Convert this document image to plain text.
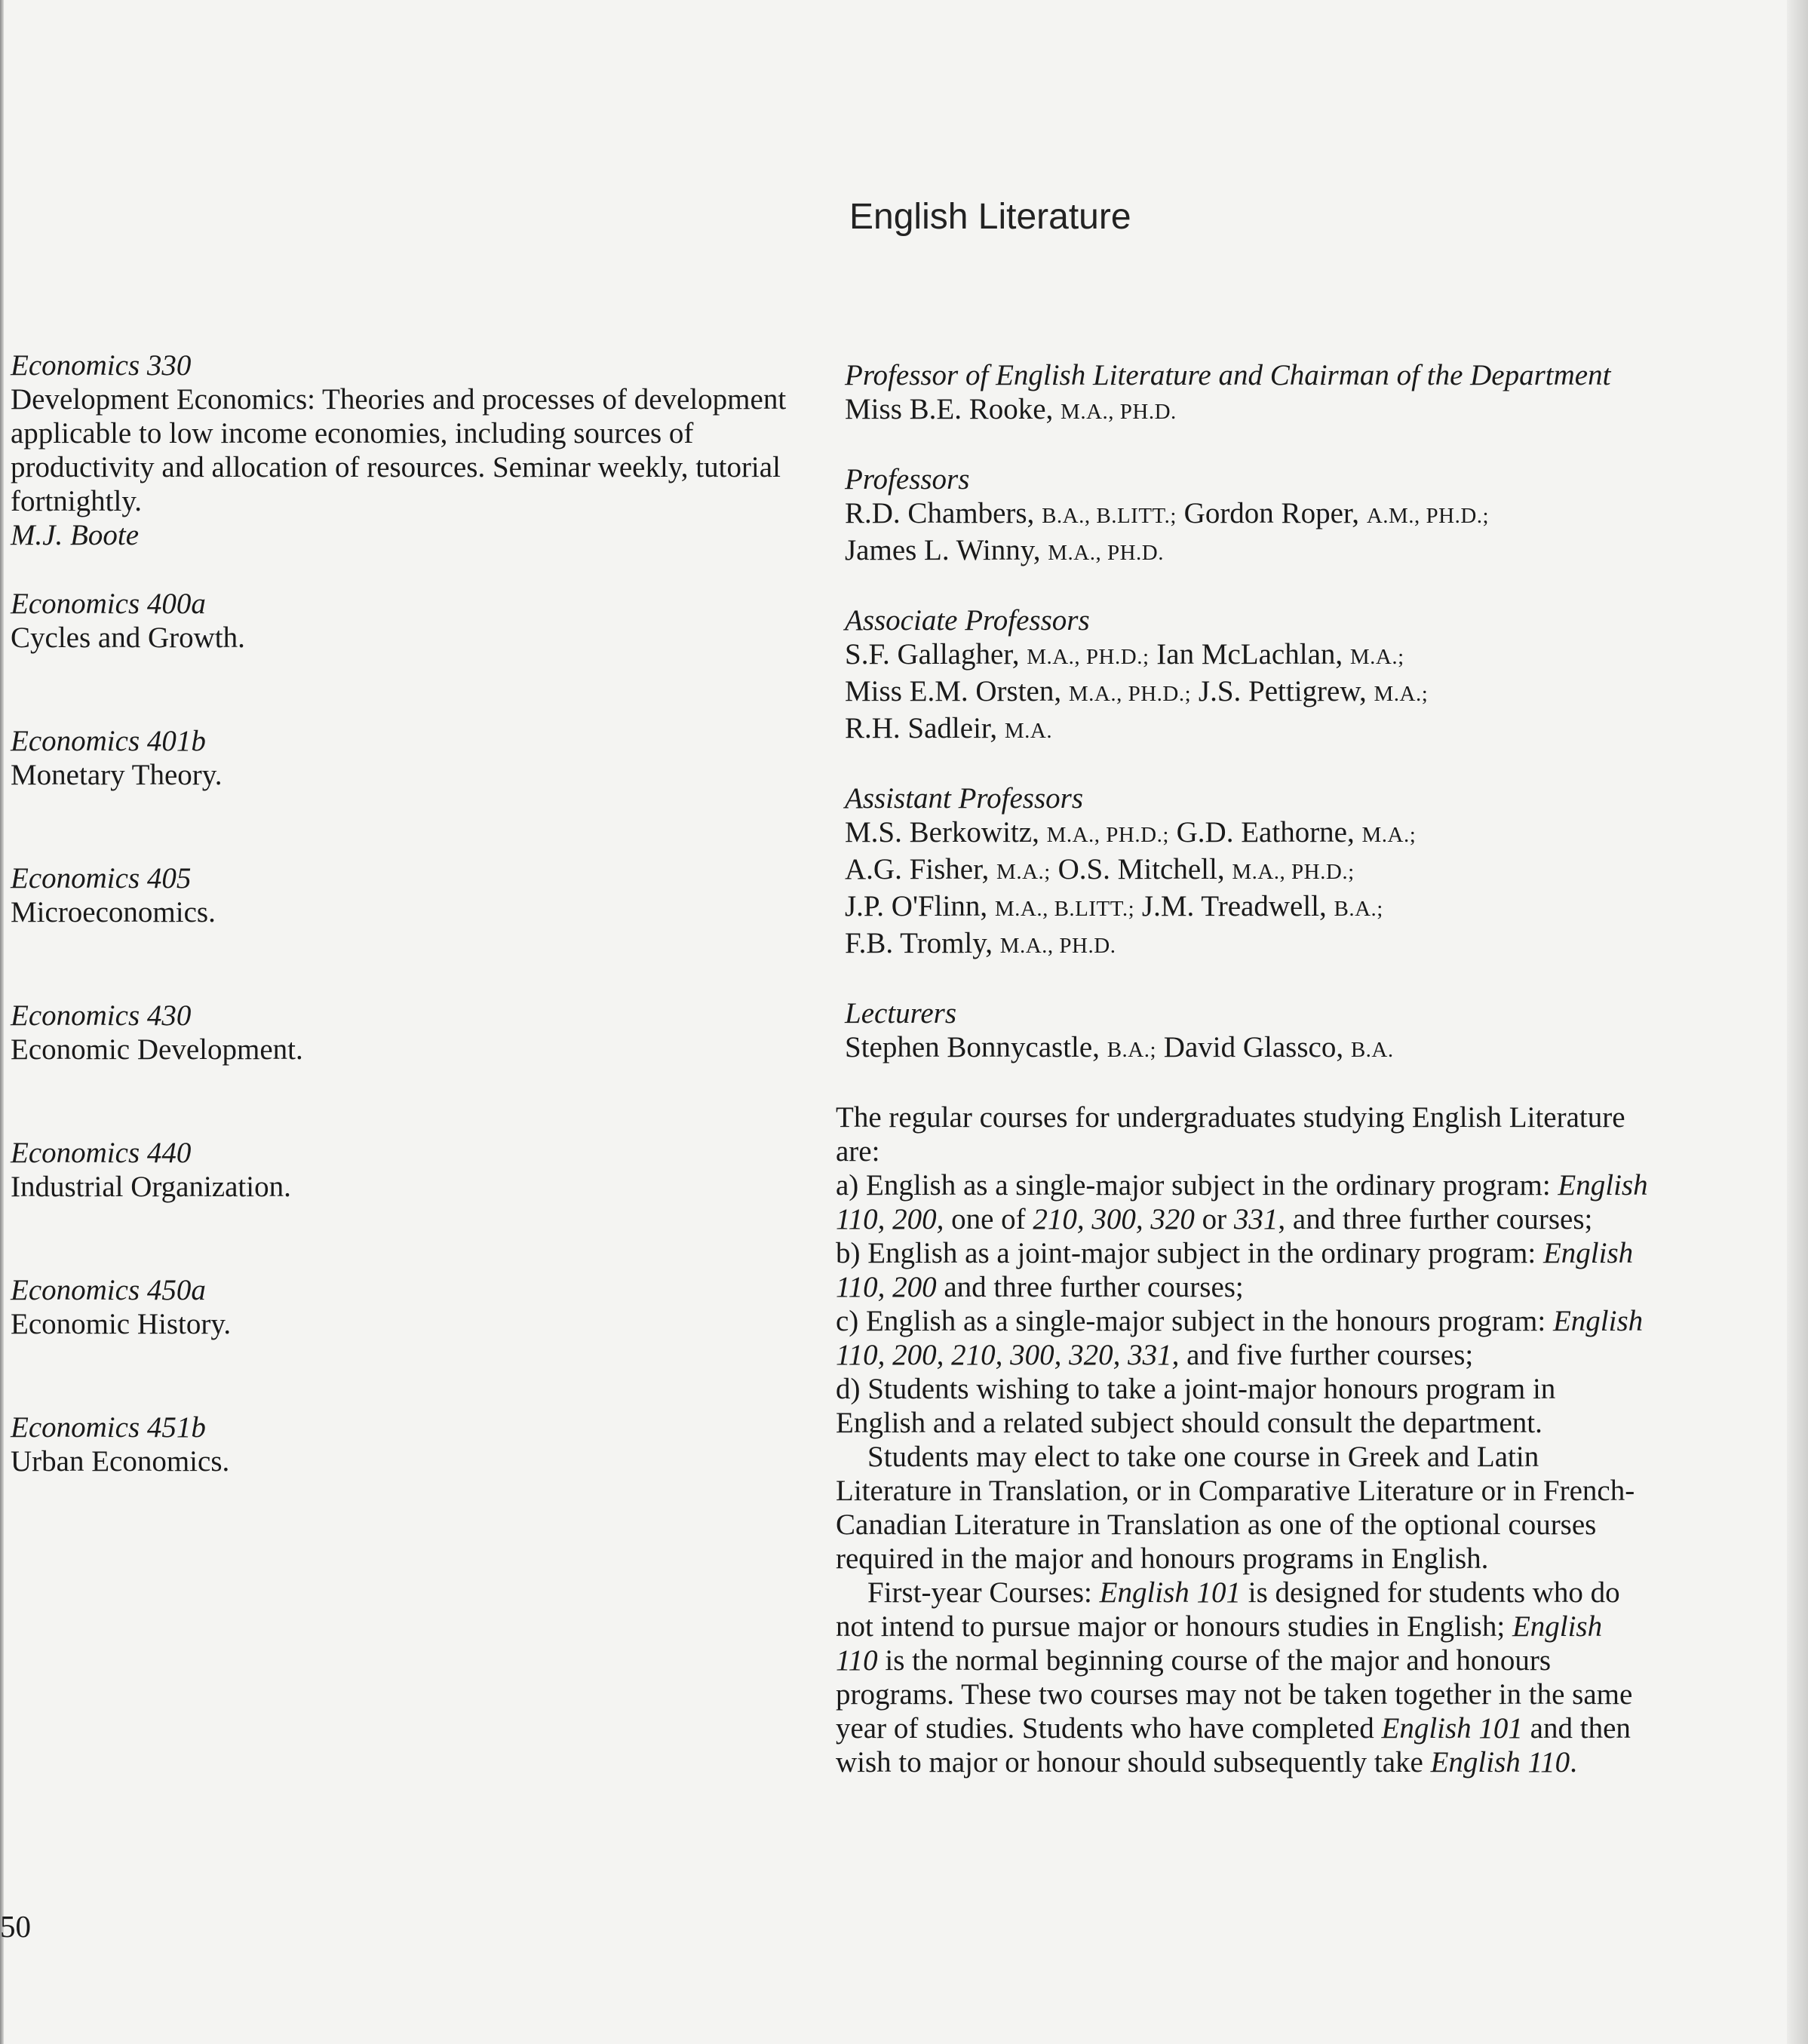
Economics 330
Development Economics: Theories and processes of development applicable to low income economies, including sources of productivity and allocation of resources. Seminar weekly, tutorial fortnightly.
M.J. Boote
Economics 400a
Cycles and Growth.
Economics 401b
Monetary Theory.
Economics 405
Microeconomics.
Economics 430
Economic Development.
Economics 440
Industrial Organization.
Economics 450a
Economic History.
Economics 451b
Urban Economics.
English Literature
Professor of English Literature and Chairman of the Department
Miss B.E. Rooke, M.A., PH.D.
Professors
R.D. Chambers, B.A., B.LITT.; Gordon Roper, A.M., PH.D.;
James L. Winny, M.A., PH.D.
Associate Professors
S.F. Gallagher, M.A., PH.D.; Ian McLachlan, M.A.;
Miss E.M. Orsten, M.A., PH.D.; J.S. Pettigrew, M.A.;
R.H. Sadleir, M.A.
Assistant Professors
M.S. Berkowitz, M.A., PH.D.; G.D. Eathorne, M.A.;
A.G. Fisher, M.A.; O.S. Mitchell, M.A., PH.D.;
J.P. O'Flinn, M.A., B.LITT.; J.M. Treadwell, B.A.;
F.B. Tromly, M.A., PH.D.
Lecturers
Stephen Bonnycastle, B.A.; David Glassco, B.A.

The regular courses for undergraduates studying English Literature are:

a) English as a single-major subject in the ordinary program: English 110, 200, one of 210, 300, 320 or 331, and three further courses;

b) English as a joint-major subject in the ordinary program: English 110, 200 and three further courses;

c) English as a single-major subject in the honours program: English 110, 200, 210, 300, 320, 331, and five further courses;

d) Students wishing to take a joint-major honours program in English and a related subject should consult the department.

Students may elect to take one course in Greek and Latin Literature in Translation, or in Comparative Literature or in French-Canadian Literature in Translation as one of the optional courses required in the major and honours programs in English.

First-year Courses: English 101 is designed for students who do not intend to pursue major or honours studies in English; English 110 is the normal beginning course of the major and honours programs. These two courses may not be taken together in the same year of studies. Students who have completed English 101 and then wish to major or honour should subsequently take English 110.

50
